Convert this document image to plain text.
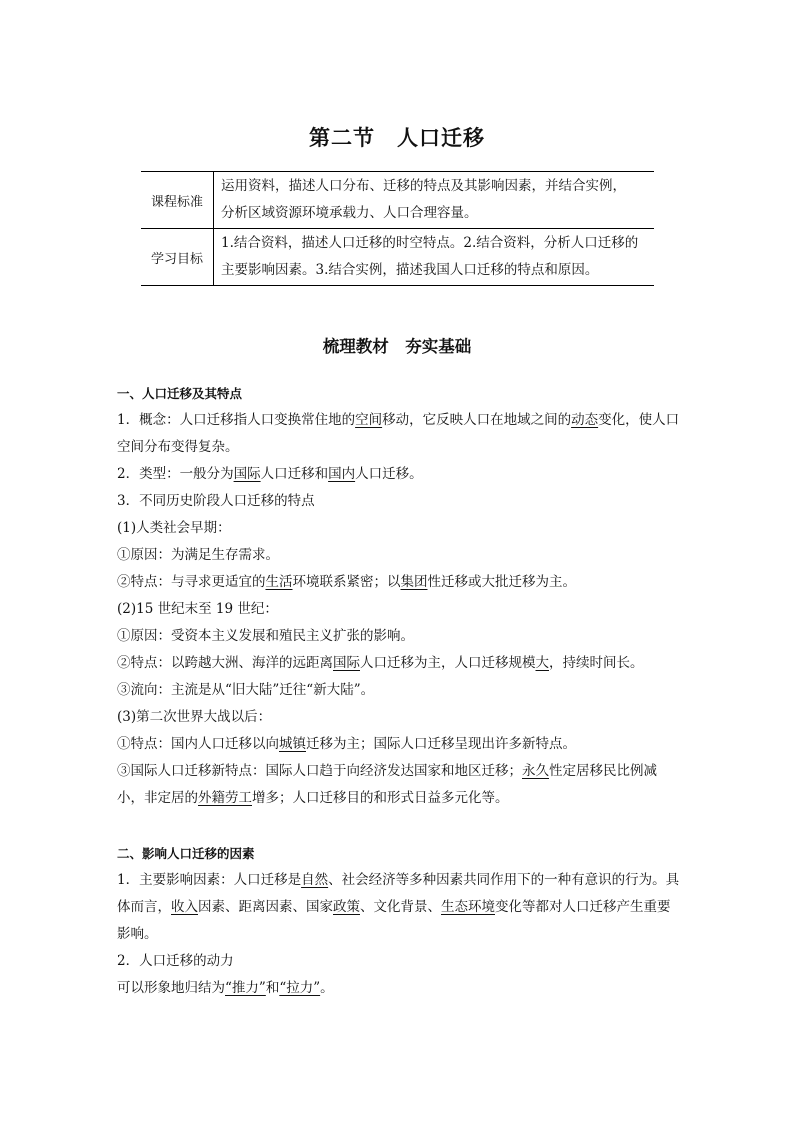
第二节　人口迁移
课程标准	运用资料，描述人口分布、迁移的特点及其影响因素，并结合实例，
分析区域资源环境承载力、人口合理容量。
学习目标	1.结合资料，描述人口迁移的时空特点。2.结合资料，分析人口迁移的
主要影响因素。3.结合实例，描述我国人口迁移的特点和原因。
梳理教材　夯实基础

一、人口迁移及其特点

1．概念：人口迁移指人口变换常住地的空间移动，它反映人口在地域之间的动态变化，使人口空间分布变得复杂。

2．类型：一般分为国际人口迁移和国内人口迁移。

3．不同历史阶段人口迁移的特点

(1)人类社会早期：

①原因：为满足生存需求。

②特点：与寻求更适宜的生活环境联系紧密；以集团性迁移或大批迁移为主。

(2)15 世纪末至 19 世纪：

①原因：受资本主义发展和殖民主义扩张的影响。

②特点：以跨越大洲、海洋的远距离国际人口迁移为主，人口迁移规模大，持续时间长。

③流向：主流是从“旧大陆”迁往“新大陆”。

(3)第二次世界大战以后：

①特点：国内人口迁移以向城镇迁移为主；国际人口迁移呈现出许多新特点。

③国际人口迁移新特点：国际人口趋于向经济发达国家和地区迁移；永久性定居移民比例减小，非定居的外籍劳工增多；人口迁移目的和形式日益多元化等。

二、影响人口迁移的因素

1．主要影响因素：人口迁移是自然、社会经济等多种因素共同作用下的一种有意识的行为。具体而言，收入因素、距离因素、国家政策、文化背景、生态环境变化等都对人口迁移产生重要影响。

2．人口迁移的动力

可以形象地归结为“推力”和“拉力”。
